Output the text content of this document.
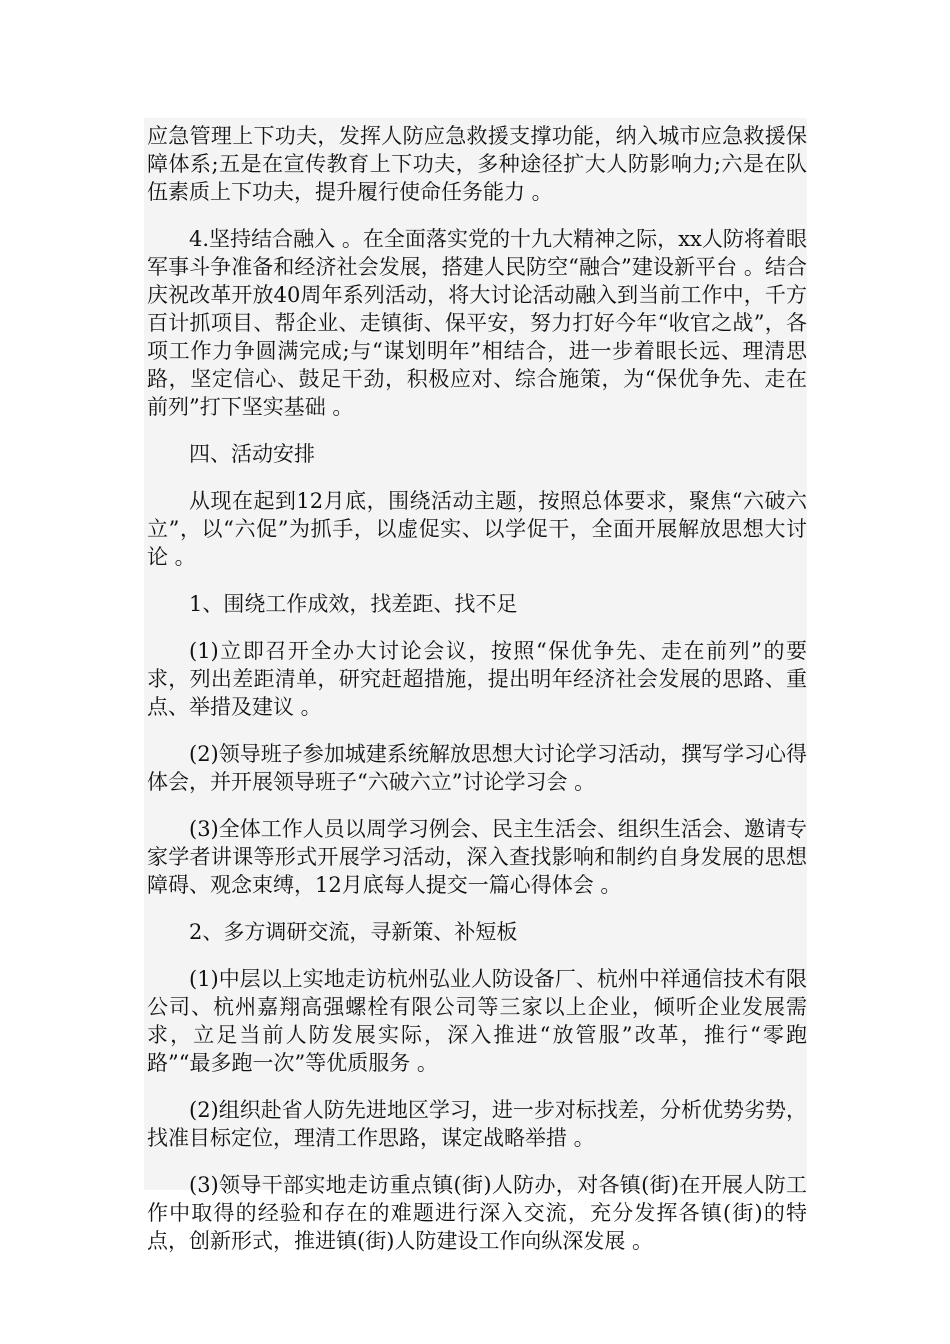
应急管理上下功夫，发挥人防应急救援支撑功能，纳入城市应急救援保障体系;五是在宣传教育上下功夫，多种途径扩大人防影响力;六是在队伍素质上下功夫，提升履行使命任务能力 。

4.坚持结合融入 。在全面落实党的十九大精神之际，xx人防将着眼军事斗争准备和经济社会发展，搭建人民防空“融合”建设新平台 。结合庆祝改革开放40周年系列活动，将大讨论活动融入到当前工作中，千方百计抓项目、帮企业、走镇街、保平安，努力打好今年“收官之战”，各项工作力争圆满完成;与“谋划明年”相结合，进一步着眼长远、理清思路，坚定信心、鼓足干劲，积极应对、综合施策，为“保优争先、走在前列”打下坚实基础 。

四、活动安排

从现在起到12月底，围绕活动主题，按照总体要求，聚焦“六破六立”，以“六促”为抓手，以虚促实、以学促干，全面开展解放思想大讨论 。

1、围绕工作成效，找差距、找不足

(1)立即召开全办大讨论会议，按照“保优争先、走在前列”的要求，列出差距清单，研究赶超措施，提出明年经济社会发展的思路、重点、举措及建议 。

(2)领导班子参加城建系统解放思想大讨论学习活动，撰写学习心得体会，并开展领导班子“六破六立”讨论学习会 。

(3)全体工作人员以周学习例会、民主生活会、组织生活会、邀请专家学者讲课等形式开展学习活动，深入查找影响和制约自身发展的思想障碍、观念束缚，12月底每人提交一篇心得体会 。

2、多方调研交流，寻新策、补短板

(1)中层以上实地走访杭州弘业人防设备厂、杭州中祥通信技术有限公司、杭州嘉翔高强螺栓有限公司等三家以上企业，倾听企业发展需求，立足当前人防发展实际，深入推进“放管服”改革，推行“零跑路”“最多跑一次”等优质服务 。

(2)组织赴省人防先进地区学习，进一步对标找差，分析优势劣势，找准目标定位，理清工作思路，谋定战略举措 。

(3)领导干部实地走访重点镇(街)人防办，对各镇(街)在开展人防工作中取得的经验和存在的难题进行深入交流，充分发挥各镇(街)的特点，创新形式，推进镇(街)人防建设工作向纵深发展 。
